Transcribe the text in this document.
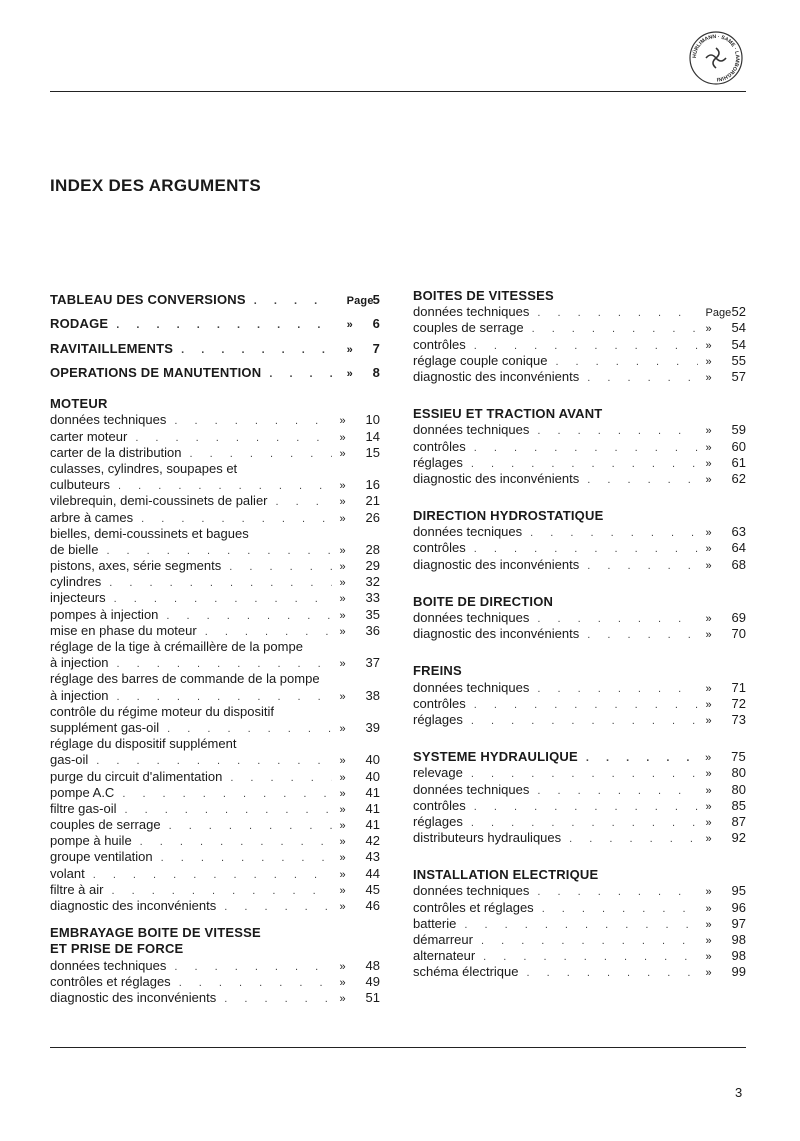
HÜRLIMANN · SAME · LAMBORGHINI
INDEX DES ARGUMENTS
TABLEAU DES CONVERSIONS . . .	Page5
RODAGE . . .	» 6
RAVITAILLEMENTS . . .	» 7
OPERATIONS DE MANUTENTION . . .	» 8
MOTEUR
données techniques . . .	» 10
carter moteur . . .	» 14
carter de la distribution . . .	» 15
culasses, cylindres, soupapes et
culbuteurs . . .	» 16
vilebrequin, demi-coussinets de palier . . .	» 21
arbre à cames . . .	» 26
bielles, demi-coussinets et bagues
de bielle . . .	» 28
pistons, axes, série segments . . .	» 29
cylindres . . .	» 32
injecteurs . . .	» 33
pompes à injection . . .	» 35
mise en phase du moteur . . .	» 36
réglage de la tige à crémaillère de la pompe
à injection . . .	» 37
réglage des barres de commande de la pompe
à injection . . .	» 38
contrôle du régime moteur du dispositif
supplément gas-oil . . .	» 39
réglage du dispositif supplément
gas-oil . . .	» 40
purge du circuit d'alimentation . . .	» 40
pompe A.C . . .	» 41
filtre gas-oil . . .	» 41
couples de serrage . . .	» 41
pompe à huile . . .	» 42
groupe ventilation . . .	» 43
volant . . .	» 44
filtre à air . . .	» 45
diagnostic des inconvénients . . .	» 46
EMBRAYAGE BOITE DE VITESSE
ET PRISE DE FORCE
données techniques . . .	» 48
contrôles et réglages . . .	» 49
diagnostic des inconvénients . . .	» 51
BOITES DE VITESSES
données techniques . . .	Page52
couples de serrage . . .	» 54
contrôles . . .	» 54
réglage couple conique . . .	» 55
diagnostic des inconvénients . . .	» 57
ESSIEU ET TRACTION AVANT
données techniques . . .	» 59
contrôles . . .	» 60
réglages . . .	» 61
diagnostic des inconvénients . . .	» 62
DIRECTION HYDROSTATIQUE
données tecniques . . .	» 63
contrôles . . .	» 64
diagnostic des inconvénients . . .	» 68
BOITE DE DIRECTION
données techniques . . .	» 69
diagnostic des inconvénients . . .	» 70
FREINS
données techniques . . .	» 71
contrôles . . .	» 72
réglages . . .	» 73
SYSTEME HYDRAULIQUE . . .	» 75
relevage . . .	» 80
données techniques . . .	» 80
contrôles . . .	» 85
réglages . . .	» 87
distributeurs hydrauliques . . .	» 92
INSTALLATION ELECTRIQUE
données techniques . . .	» 95
contrôles et réglages . . .	» 96
batterie . . .	» 97
démarreur . . .	» 98
alternateur . . .	» 98
schéma électrique . . .	» 99

3
